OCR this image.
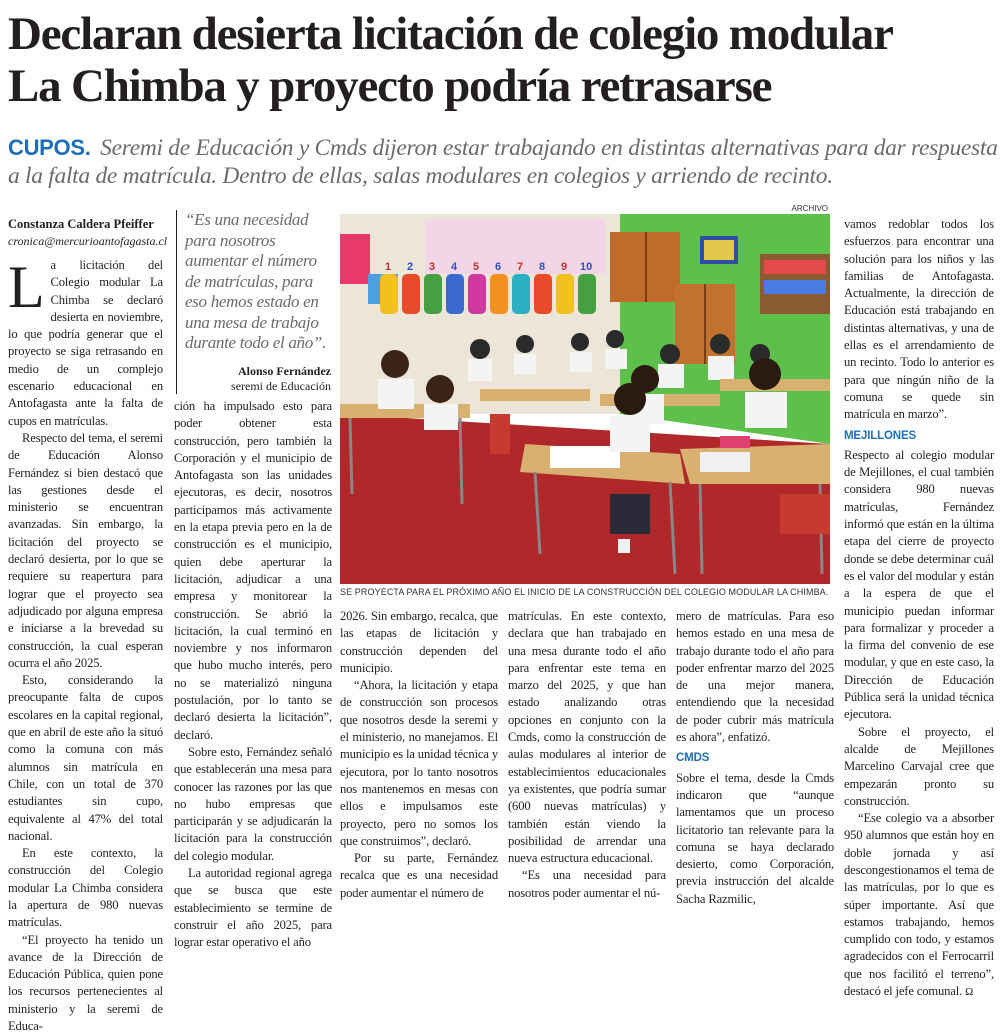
Declaran desierta licitación de colegio modular
La Chimba y proyecto podría retrasarse
CUPOS. Seremi de Educación y Cmds dijeron estar trabajando en distintas alternativas para dar respuesta a la falta de matrícula. Dentro de ellas, salas modulares en colegios y arriendo de recinto.
Constanza Caldera Pfeiffer
cronica@mercurioantofagasta.cl

L a licitación del Colegio modular La Chimba se declaró desierta en noviembre, lo que podría generar que el proyecto se siga retrasando en medio de un complejo escenario educacional en Antofagasta ante la falta de cupos en matrículas.

Respecto del tema, el seremi de Educación Alonso Fernández si bien destacó que las gestiones desde el ministerio se encuentran avanzadas. Sin embargo, la licitación del proyecto se declaró desierta, por lo que se requiere su reapertura para lograr que el proyecto sea adjudicado por alguna empresa e iniciarse a la brevedad su construcción, la cual esperan ocurra el año 2025.

Esto, considerando la preocupante falta de cupos escolares en la capital regional, que en abril de este año la situó como la comuna con más alumnos sin matrícula en Chile, con un total de 370 estudiantes sin cupo, equivalente al 47% del total nacional.

En este contexto, la construcción del Colegio modular La Chimba considera la apertura de 980 nuevas matrículas.

“El proyecto ha tenido un avance de la Dirección de Educación Pública, quien pone los recursos pertenecientes al ministerio y la seremi de Educa-

“Es una necesidad para nosotros aumentar el número de matrículas, para eso hemos estado en una mesa de trabajo durante todo el año”.
Alonso Fernández
seremi de Educación

ción ha impulsado esto para poder obtener esta construcción, pero también la Corporación y el municipio de Antofagasta son las unidades ejecutoras, es decir, nosotros participamos más activamente en la etapa previa pero en la de construcción es el municipio, quien debe aperturar la licitación, adjudicar a una empresa y monitorear la construcción. Se abrió la licitación, la cual terminó en noviembre y nos informaron que hubo mucho interés, pero no se materializó ninguna postulación, por lo tanto se declaró desierta la licitación”, declaró.

Sobre esto, Fernández señaló que establecerán una mesa para conocer las razones por las que no hubo empresas que participarán y se adjudicarán la licitación para la construcción del colegio modular.

La autoridad regional agrega que se busca que este establecimiento se termine de construir el año 2025, para lograr estar operativo el año

ARCHIVO
1 2 3 4 5 6 7 8 9 10
SE PROYECTA PARA EL PRÓXIMO AÑO EL INICIO DE LA CONSTRUCCIÓN DEL COLEGIO MODULAR LA CHIMBA.

2026. Sin embargo, recalca, que las etapas de licitación y construcción dependen del municipio.

“Ahora, la licitación y etapa de construcción son procesos que nosotros desde la seremi y el ministerio, no manejamos. El municipio es la unidad técnica y ejecutora, por lo tanto nosotros nos mantenemos en mesas con ellos e impulsamos este proyecto, pero no somos los que construimos”, declaró.

Por su parte, Fernández recalca que es una necesidad poder aumentar el número de

matrículas. En este contexto, declara que han trabajado en una mesa durante todo el año para enfrentar este tema en marzo del 2025, y que han estado analizando otras opciones en conjunto con la Cmds, como la construcción de aulas modulares al interior de establecimientos educacionales ya existentes, que podría sumar (600 nuevas matrículas) y también están viendo la posibilidad de arrendar una nueva estructura educacional.

“Es una necesidad para nosotros poder aumentar el nú-

mero de matrículas. Para eso hemos estado en una mesa de trabajo durante todo el año para poder enfrentar marzo del 2025 de una mejor manera, entendiendo que la necesidad de poder cubrir más matrícula es ahora”, enfatizó.

CMDS

Sobre el tema, desde la Cmds indicaron que “aunque lamentamos que un proceso licitatorio tan relevante para la comuna se haya declarado desierto, como Corporación, previa instrucción del alcalde Sacha Razmilic,

vamos redoblar todos los esfuerzos para encontrar una solución para los niños y las familias de Antofagasta. Actualmente, la dirección de Educación está trabajando en distintas alternativas, y una de ellas es el arrendamiento de un recinto. Todo lo anterior es para que ningún niño de la comuna se quede sin matrícula en marzo”.

MEJILLONES

Respecto al colegio modular de Mejillones, el cual también considera 980 nuevas matrículas, Fernández informó que están en la última etapa del cierre de proyecto donde se debe determinar cuál es el valor del modular y están a la espera de que el municipio puedan informar para formalizar y proceder a la firma del convenio de ese modular, y que en este caso, la Dirección de Educación Pública será la unidad técnica ejecutora.

Sobre el proyecto, el alcalde de Mejillones Marcelino Carvajal cree que empezarán pronto su construcción.

“Ese colegio va a absorber 950 alumnos que están hoy en doble jornada y así descongestionamos el tema de las matrículas, por lo que es súper importante. Así que estamos trabajando, hemos cumplido con todo, y estamos agradecidos con el Ferrocarril que nos facilitó el terreno”, destacó el jefe comunal. Ω
